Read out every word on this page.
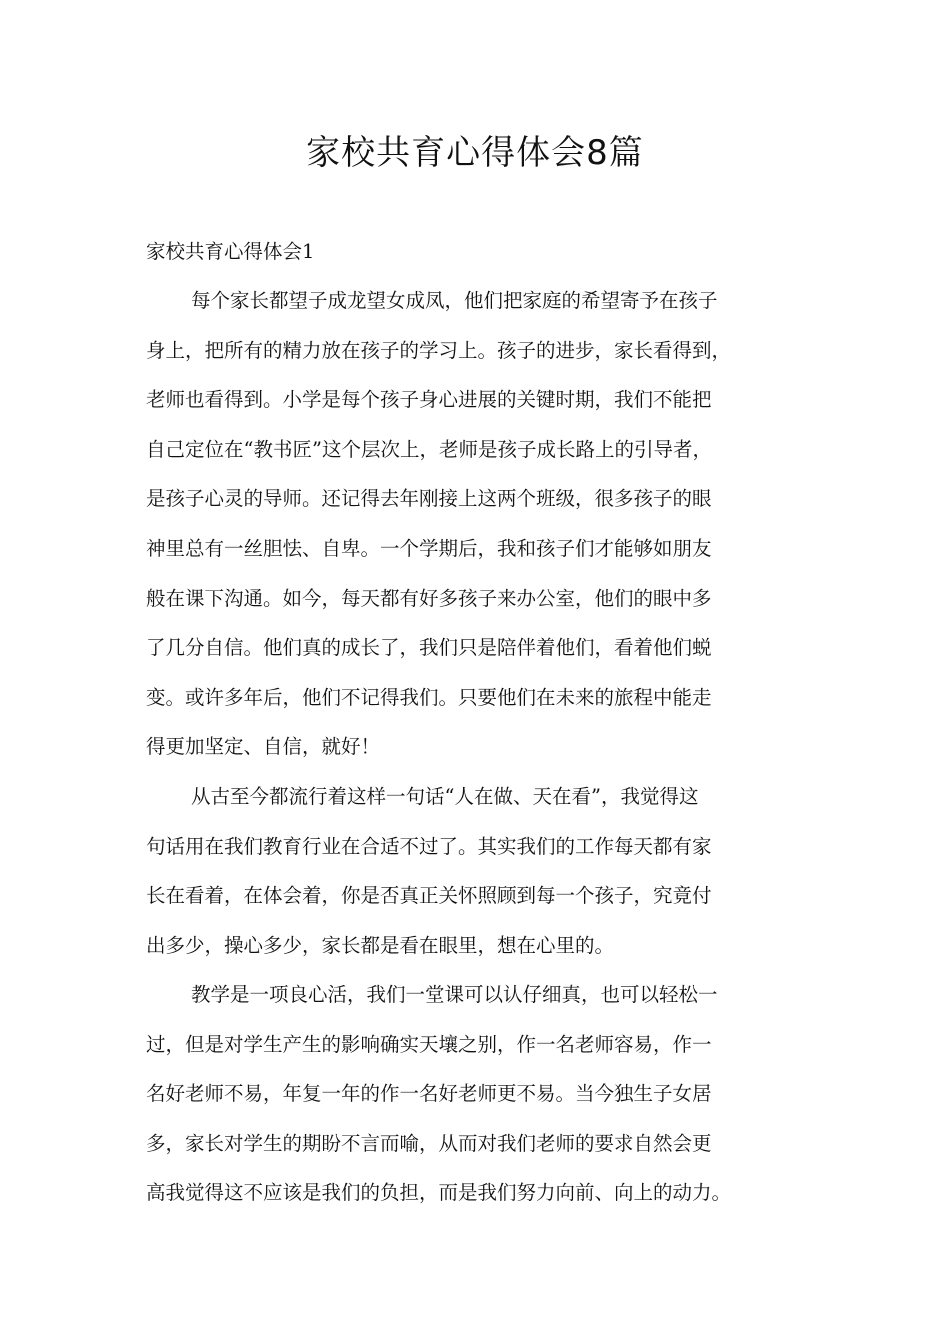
家校共育心得体会8篇

家校共育心得体会1

每个家长都望子成龙望女成凤，他们把家庭的希望寄予在孩子
身上，把所有的精力放在孩子的学习上。孩子的进步，家长看得到，
老师也看得到。小学是每个孩子身心进展的关键时期，我们不能把
自己定位在“教书匠”这个层次上，老师是孩子成长路上的引导者，
是孩子心灵的导师。还记得去年刚接上这两个班级，很多孩子的眼
神里总有一丝胆怯、自卑。一个学期后，我和孩子们才能够如朋友
般在课下沟通。如今，每天都有好多孩子来办公室，他们的眼中多
了几分自信。他们真的成长了，我们只是陪伴着他们，看着他们蜕
变。或许多年后，他们不记得我们。只要他们在未来的旅程中能走
得更加坚定、自信，就好！
从古至今都流行着这样一句话“人在做、天在看”，我觉得这
句话用在我们教育行业在合适不过了。其实我们的工作每天都有家
长在看着，在体会着，你是否真正关怀照顾到每一个孩子，究竟付
出多少，操心多少，家长都是看在眼里，想在心里的。
教学是一项良心活，我们一堂课可以认仔细真，也可以轻松一
过，但是对学生产生的影响确实天壤之别，作一名老师容易，作一
名好老师不易，年复一年的作一名好老师更不易。当今独生子女居
多，家长对学生的期盼不言而喻，从而对我们老师的要求自然会更
高我觉得这不应该是我们的负担，而是我们努力向前、向上的动力。
